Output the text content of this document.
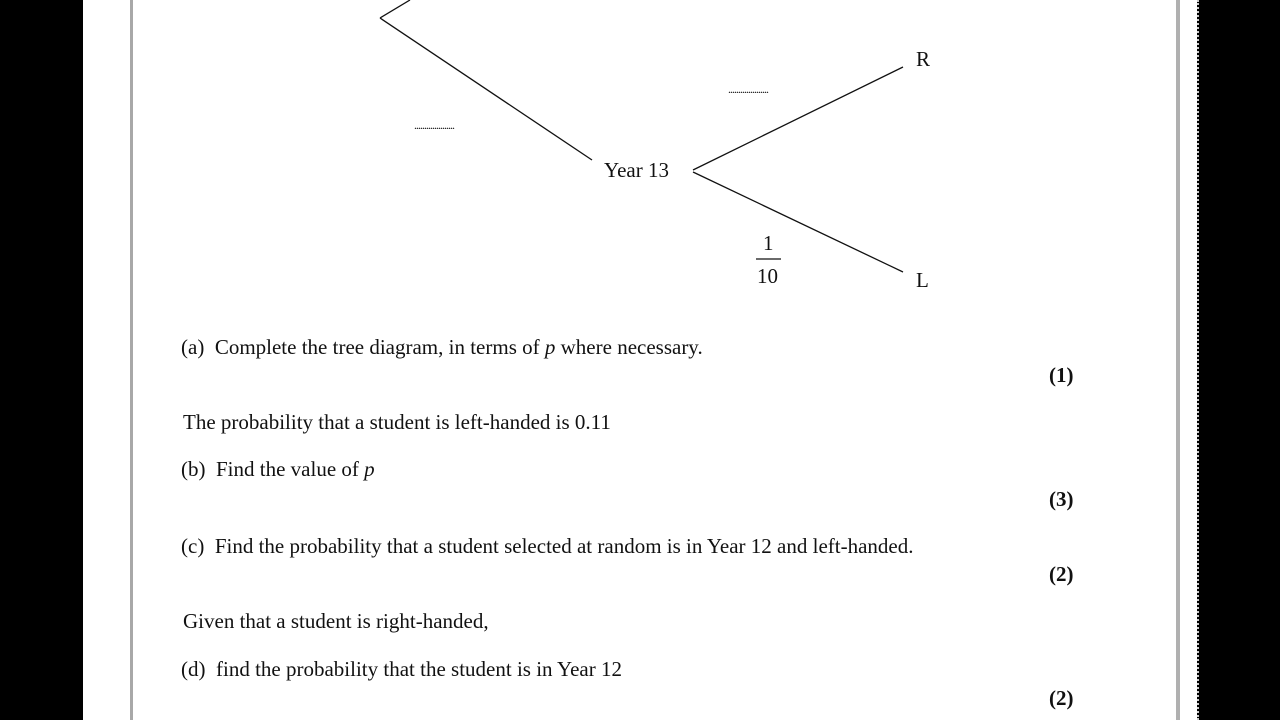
....................
....................
Year 13
R
L
1
10
(a) Complete the tree diagram, in terms of p where necessary.
(1)
The probability that a student is left-handed is 0.11
(b) Find the value of p
(3)
(c) Find the probability that a student selected at random is in Year 12 and left-handed.
(2)
Given that a student is right-handed,
(d) find the probability that the student is in Year 12
(2)
